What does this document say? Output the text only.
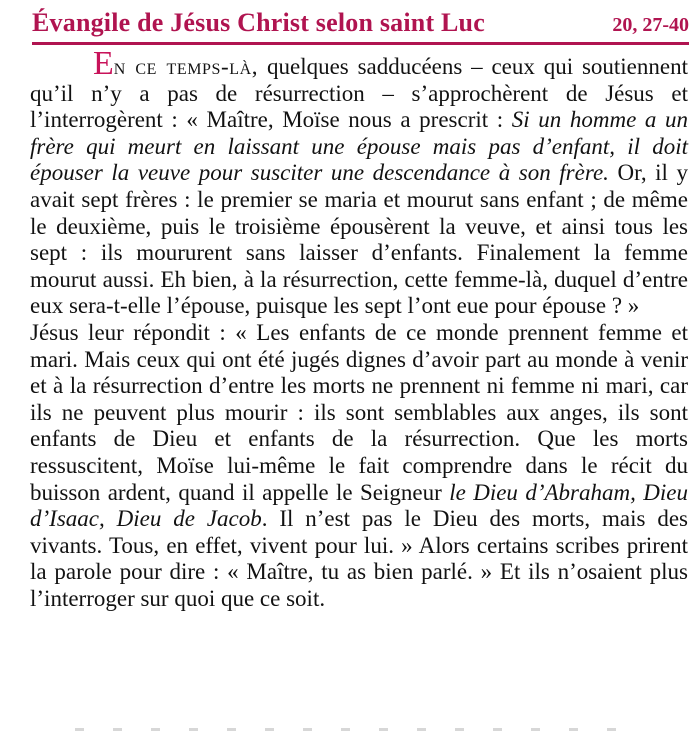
Évangile de Jésus Christ selon saint Luc	20, 27-40

En ce temps-là, quelques sadducéens – ceux qui soutiennent qu’il n’y a pas de résurrection – s’approchèrent de Jésus et l’interrogèrent : « Maître, Moïse nous a prescrit : Si un homme a un frère qui meurt en laissant une épouse mais pas d’enfant, il doit épouser la veuve pour susciter une descendance à son frère. Or, il y avait sept frères : le premier se maria et mourut sans enfant ; de même le deuxième, puis le troisième épousèrent la veuve, et ainsi tous les sept : ils moururent sans laisser d’enfants. Finalement la femme mourut aussi. Eh bien, à la résurrection, cette femme-là, duquel d’entre eux sera-t-elle l’épouse, puisque les sept l’ont eue pour épouse ? »

Jésus leur répondit : « Les enfants de ce monde prennent femme et mari. Mais ceux qui ont été jugés dignes d’avoir part au monde à venir et à la résurrection d’entre les morts ne prennent ni femme ni mari, car ils ne peuvent plus mourir : ils sont semblables aux anges, ils sont enfants de Dieu et enfants de la résurrection. Que les morts ressuscitent, Moïse lui-même le fait comprendre dans le récit du buisson ardent, quand il appelle le Seigneur le Dieu d’Abraham, Dieu d’Isaac, Dieu de Jacob. Il n’est pas le Dieu des morts, mais des vivants. Tous, en effet, vivent pour lui. » Alors certains scribes prirent la parole pour dire : « Maître, tu as bien parlé. » Et ils n’osaient plus l’interroger sur quoi que ce soit.
